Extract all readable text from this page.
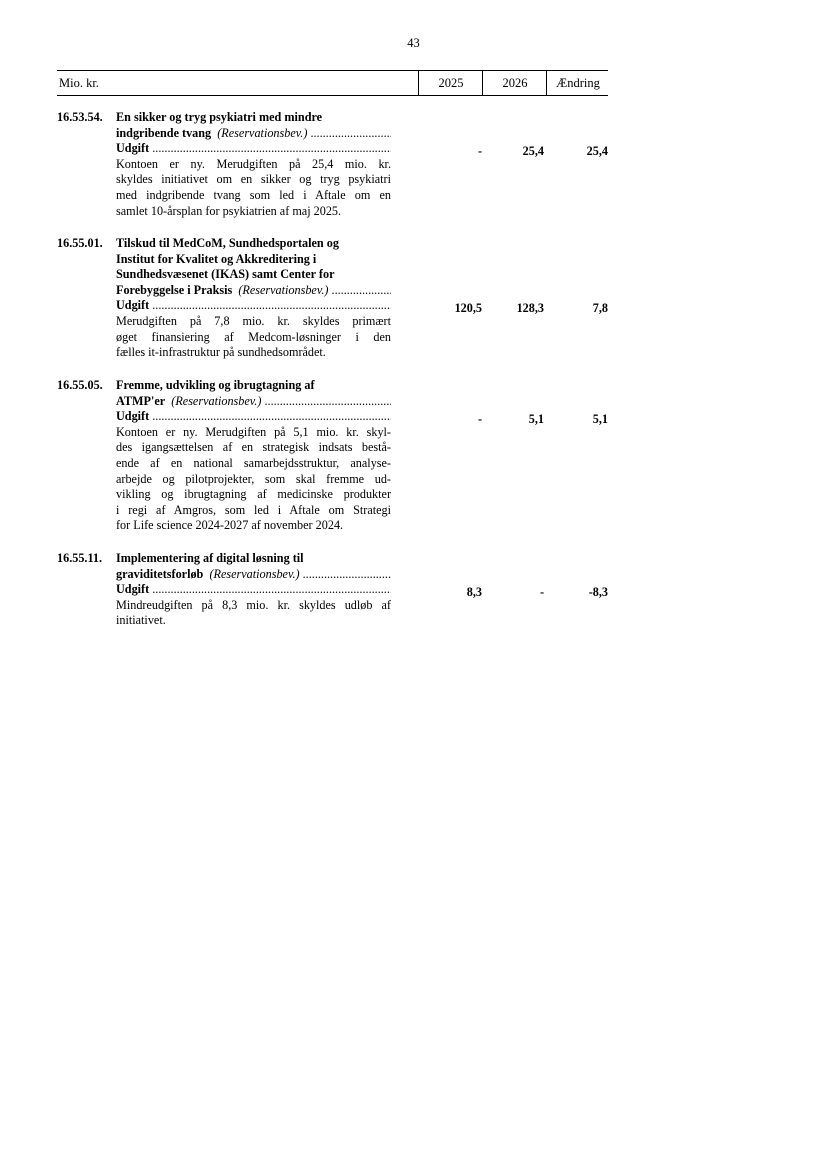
43
Mio. kr.	2025	2026	Ændring
16.53.54.	En sikker og tryg psykiatri med mindre
indgribende tvang (Reservationsbev.) .....
Udgift .....
Kontoen er ny. Merudgiften på 25,4 mio. kr.
skyldes initiativet om en sikker og tryg psykiatri
med indgribende tvang som led i Aftale om en
samlet 10-årsplan for psykiatrien af maj 2025.
-	25,4	25,4
16.55.01.	Tilskud til MedCoM, Sundhedsportalen og
Institut for Kvalitet og Akkreditering i
Sundhedsvæsenet (IKAS) samt Center for
Forebyggelse i Praksis (Reservationsbev.) .....
Udgift .....
Merudgiften på 7,8 mio. kr. skyldes primært
øget finansiering af Medcom-løsninger i den
fælles it-infrastruktur på sundhedsområdet.
120,5	128,3	7,8
16.55.05.	Fremme, udvikling og ibrugtagning af
ATMP'er (Reservationsbev.) .....
Udgift .....
Kontoen er ny. Merudgiften på 5,1 mio. kr. skyl-
des igangsættelsen af en strategisk indsats bestå-
ende af en national samarbejdsstruktur, analyse-
arbejde og pilotprojekter, som skal fremme ud-
vikling og ibrugtagning af medicinske produkter
i regi af Amgros, som led i Aftale om Strategi
for Life science 2024-2027 af november 2024.
-	5,1	5,1
16.55.11.	Implementering af digital løsning til
graviditetsforløb (Reservationsbev.) .....
Udgift .....
Mindreudgiften på 8,3 mio. kr. skyldes udløb af
initiativet.
8,3	-	-8,3
